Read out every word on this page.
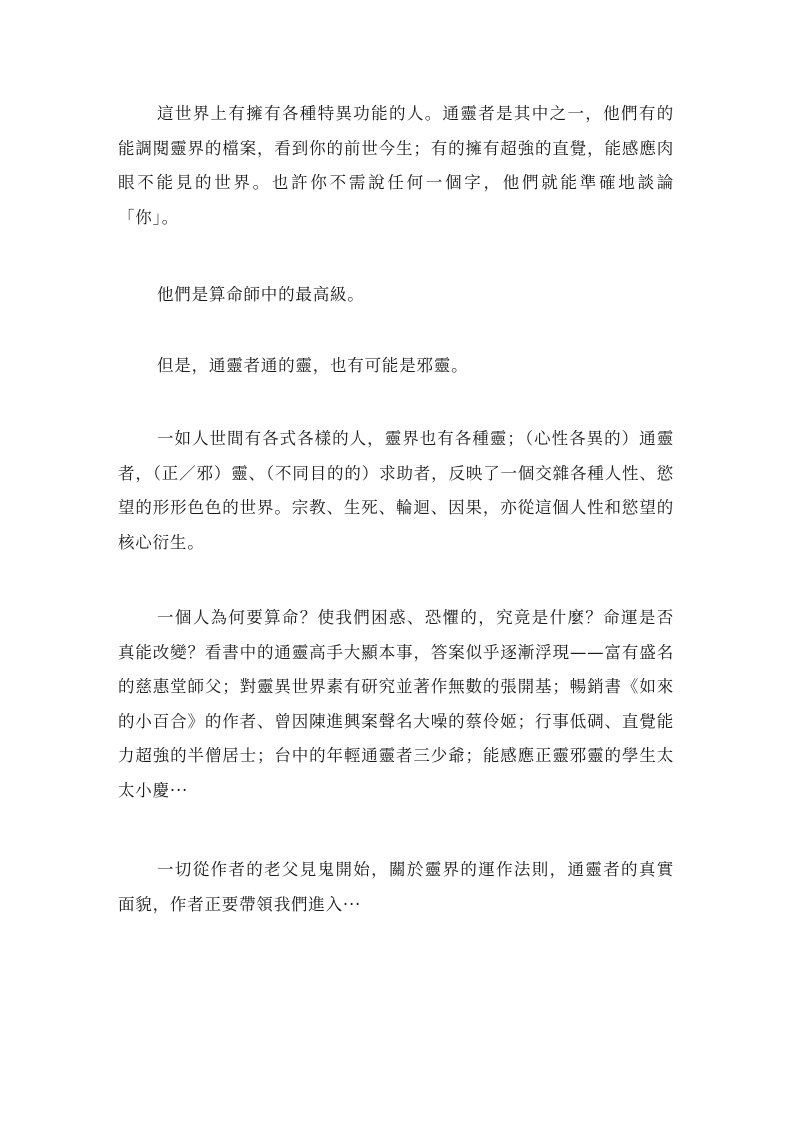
這世界上有擁有各種特異功能的人。通靈者是其中之一，他們有的能調閱靈界的檔案，看到你的前世今生；有的擁有超強的直覺，能感應肉眼不能見的世界。也許你不需說任何一個字，他們就能準確地談論「你」。

他們是算命師中的最高級。

但是，通靈者通的靈，也有可能是邪靈。

一如人世間有各式各樣的人，靈界也有各種靈；（心性各異的）通靈者，（正／邪）靈、（不同目的的）求助者，反映了一個交雜各種人性、慾望的形形色色的世界。宗教、生死、輪迴、因果，亦從這個人性和慾望的核心衍生。

一個人為何要算命？使我們困惑、恐懼的，究竟是什麼？命運是否真能改變？看書中的通靈高手大顯本事，答案似乎逐漸浮現——富有盛名的慈惠堂師父；對靈異世界素有研究並著作無數的張開基；暢銷書《如來的小百合》的作者、曾因陳進興案聲名大噪的蔡伶姬；行事低碉、直覺能力超強的半僧居士；台中的年輕通靈者三少爺；能感應正靈邪靈的學生太太小慶‧‧‧

一切從作者的老父見鬼開始，關於靈界的運作法則，通靈者的真實面貌，作者正要帶領我們進入‧‧‧
